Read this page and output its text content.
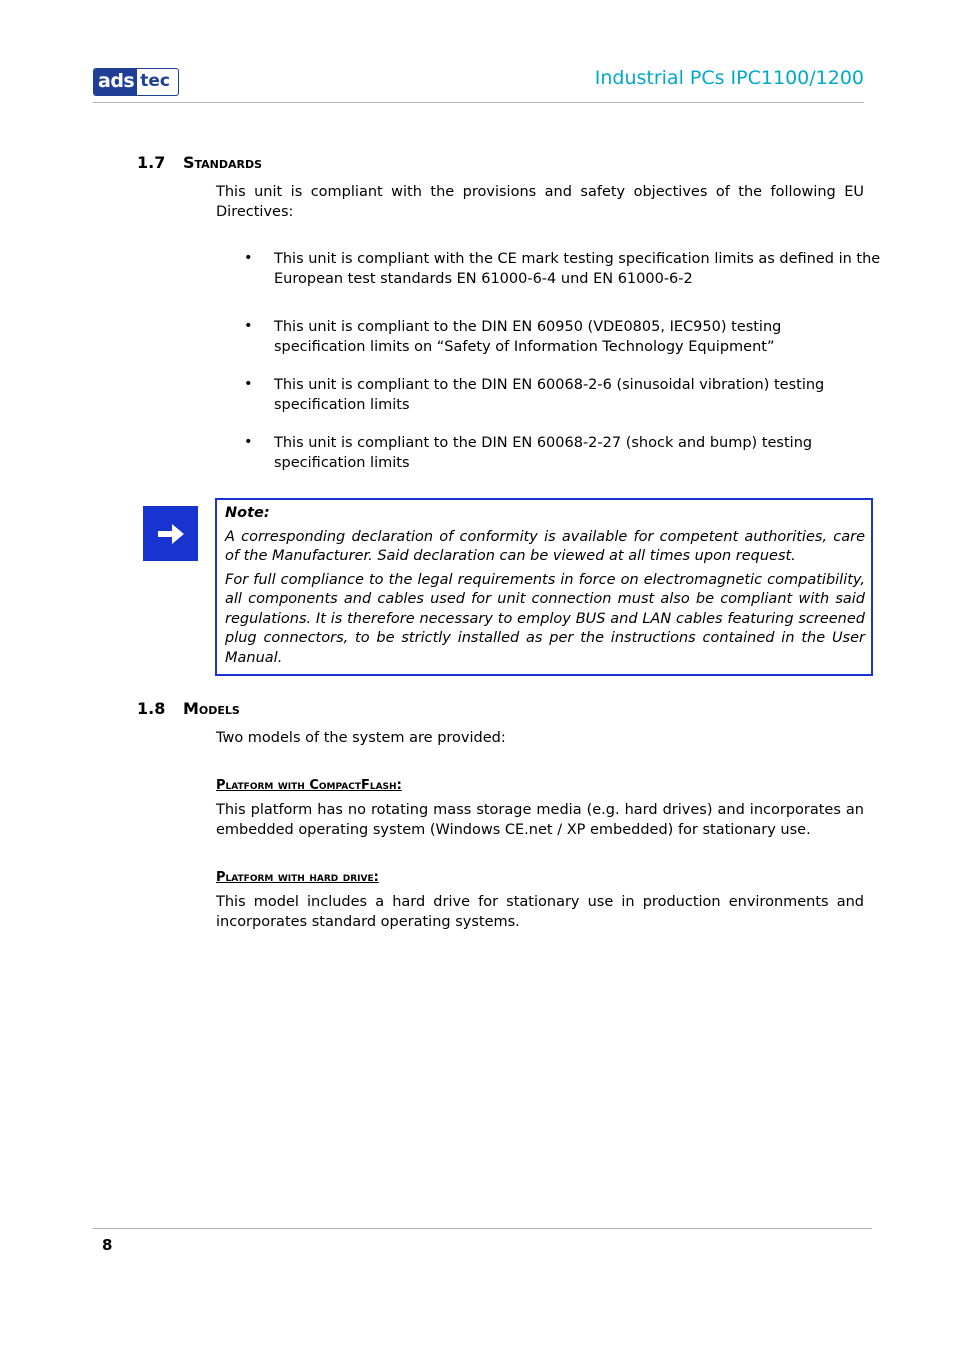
ads tec	Industrial PCs IPC1100/1200
1.7 Standards
This unit is compliant with the provisions and safety objectives of the following EU
Directives:
• This unit is compliant with the CE mark testing specification limits as defined in the
European test standards EN 61000-6-4 und EN 61000-6-2
• This unit is compliant to the DIN EN 60950 (VDE0805, IEC950) testing
specification limits on “Safety of Information Technology Equipment”
• This unit is compliant to the DIN EN 60068-2-6 (sinusoidal vibration) testing
specification limits
• This unit is compliant to the DIN EN 60068-2-27 (shock and bump) testing
specification limits
Note:

A corresponding declaration of conformity is available for competent authorities, care of the Manufacturer. Said declaration can be viewed at all times upon request.

For full compliance to the legal requirements in force on electromagnetic compatibility, all components and cables used for unit connection must also be compliant with said regulations. It is therefore necessary to employ BUS and LAN cables featuring screened plug connectors, to be strictly installed as per the instructions contained in the User Manual.

1.8 Models
Two models of the system are provided:
Platform with CompactFlash:
This platform has no rotating mass storage media (e.g. hard drives) and incorporates an embedded operating system (Windows CE.net / XP embedded) for stationary use.
Platform with hard drive:
This model includes a hard drive for stationary use in production environments and incorporates standard operating systems.
8
